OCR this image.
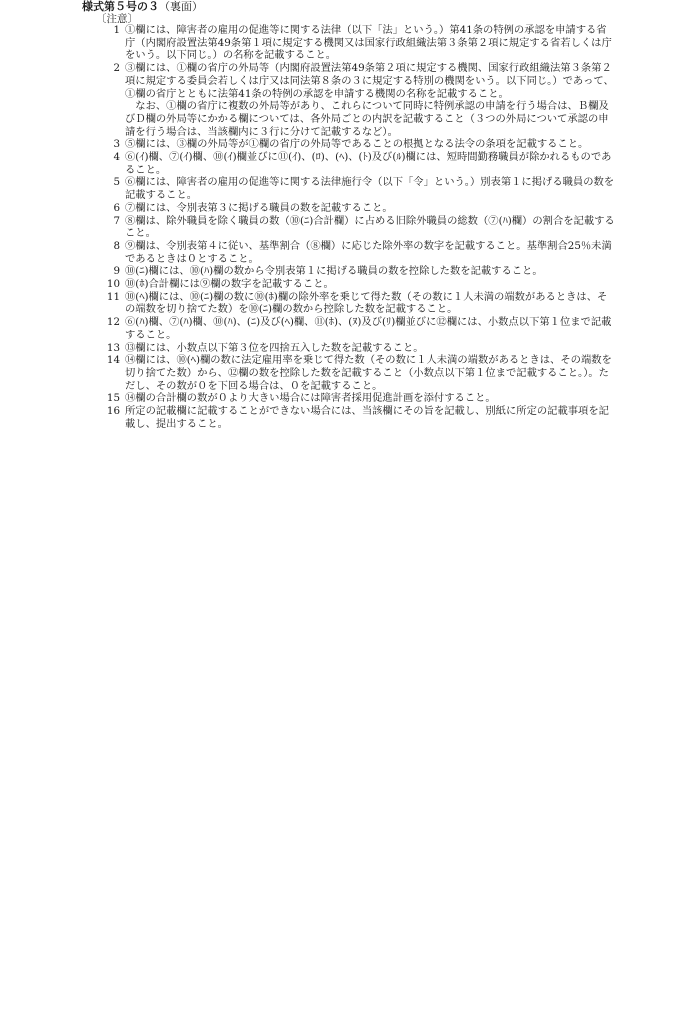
様式第５号の３（裏面）
〔注意〕
1 ①欄には、障害者の雇用の促進等に関する法律（以下「法」という。）第41条の特例の承認を申請する省庁（内閣府設置法第49条第１項に規定する機関又は国家行政組織法第３条第２項に規定する省若しくは庁をいう。以下同じ。）の名称を記載すること。
2 ③欄には、①欄の省庁の外局等（内閣府設置法第49条第２項に規定する機関、国家行政組織法第３条第２項に規定する委員会若しくは庁又は同法第８条の３に規定する特別の機関をいう。以下同じ。）であって、①欄の省庁とともに法第41条の特例の承認を申請する機関の名称を記載すること。
なお、①欄の省庁に複数の外局等があり、これらについて同時に特例承認の申請を行う場合は、Ｂ欄及びＤ欄の外局等にかかる欄については、各外局ごとの内訳を記載すること（３つの外局について承認の申請を行う場合は、当該欄内に３行に分けて記載するなど）。
3 ⑤欄には、③欄の外局等が①欄の省庁の外局等であることの根拠となる法令の条項を記載すること。
4 ⑥(ｲ)欄、⑦(ｲ)欄、⑩(ｲ)欄並びに⑪(ｲ)、(ﾛ)、(ﾍ)、(ﾄ)及び(ﾙ)欄には、短時間勤務職員が除かれるものであること。
5 ⑥欄には、障害者の雇用の促進等に関する法律施行令（以下「令」という。）別表第１に掲げる職員の数を記載すること。
6 ⑦欄には、令別表第３に掲げる職員の数を記載すること。
7 ⑧欄は、除外職員を除く職員の数（⑩(ﾆ)合計欄）に占める旧除外職員の総数（⑦(ﾊ)欄）の割合を記載すること。
8 ⑨欄は、令別表第４に従い、基準割合（⑧欄）に応じた除外率の数字を記載すること。基準割合25％未満であるときは０とすること。
9 ⑩(ﾆ)欄には、⑩(ﾊ)欄の数から令別表第１に掲げる職員の数を控除した数を記載すること。
10 ⑩(ﾎ)合計欄には⑨欄の数字を記載すること。
11 ⑩(ﾍ)欄には、⑩(ﾆ)欄の数に⑩(ﾎ)欄の除外率を乗じて得た数（その数に１人未満の端数があるときは、その端数を切り捨てた数）を⑩(ﾆ)欄の数から控除した数を記載すること。
12 ⑥(ﾊ)欄、⑦(ﾊ)欄、⑩(ﾊ)、(ﾆ)及び(ﾍ)欄、⑪(ﾎ)、(ﾇ)及び(ﾘ)欄並びに⑫欄には、小数点以下第１位まで記載すること。
13 ⑬欄には、小数点以下第３位を四捨五入した数を記載すること。
14 ⑭欄には、⑩(ﾍ)欄の数に法定雇用率を乗じて得た数（その数に１人未満の端数があるときは、その端数を切り捨てた数）から、⑫欄の数を控除した数を記載すること（小数点以下第１位まで記載すること。）。ただし、その数が０を下回る場合は、０を記載すること。
15 ⑭欄の合計欄の数が０より大きい場合には障害者採用促進計画を添付すること。
16 所定の記載欄に記載することができない場合には、当該欄にその旨を記載し、別紙に所定の記載事項を記載し、提出すること。
